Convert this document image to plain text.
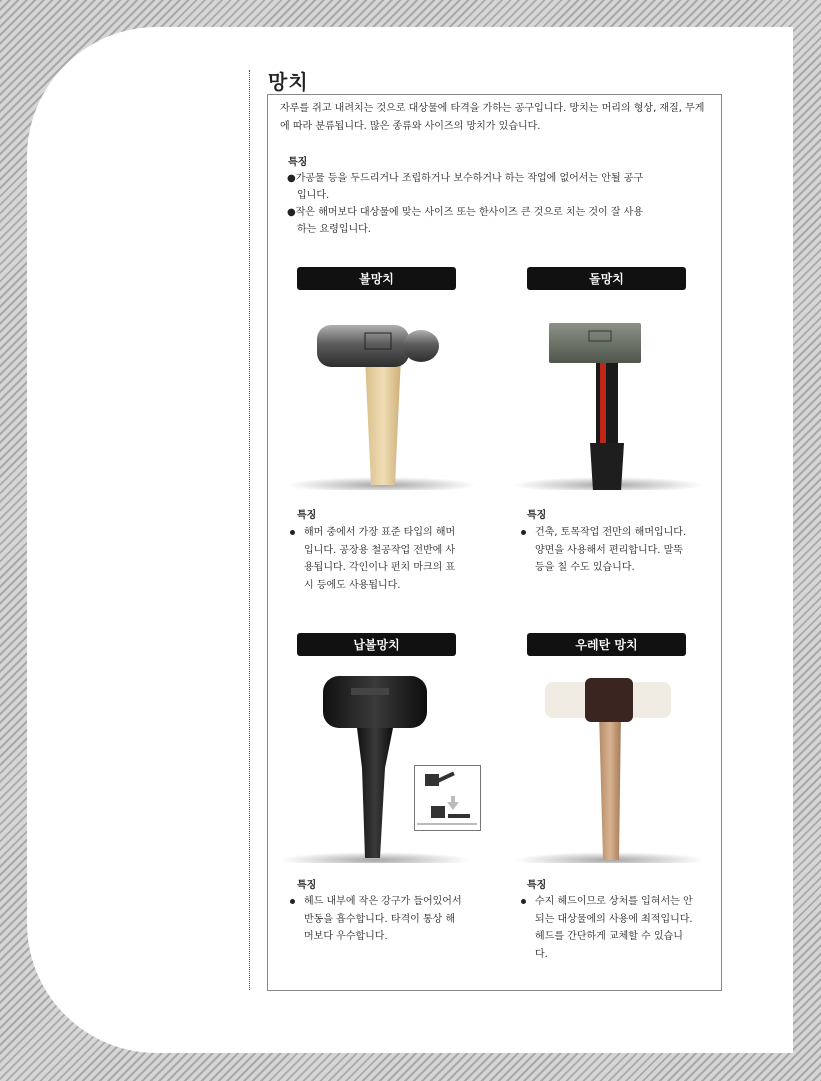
망치

자루를 쥐고 내려치는 것으로 대상물에 타격을 가하는 공구입니다. 망치는 머리의 형상, 재질, 무게에 따라 분류됩니다. 많은 종류와 사이즈의 망치가 있습니다.

특징

●가공물 등을 두드리거나 조립하거나 보수하거나 하는 작업에 없어서는 안될 공구입니다.

●작은 해머보다 대상물에 맞는 사이즈 또는 한사이즈 큰 것으로 치는 것이 잘 사용하는 요령입니다.

볼망치
특징

해머 중에서 가장 표준 타입의 해머입니다. 공장용 철공작업 전반에 사용됩니다. 각인이나 펀치 마크의 표시 등에도 사용됩니다.

돌망치
특징

건축, 토목작업 전만의 해머입니다. 양면을 사용해서 편리합니다. 말뚝 등을 칠 수도 있습니다.

납볼망치
특징

헤드 내부에 작은 강구가 들어있어서 반동을 흡수합니다. 타격이 통상 해머보다 우수합니다.

우레탄 망치
특징

수지 헤드이므로 상처를 입혀서는 안 되는 대상물에의 사용에 최적입니다. 헤드를 간단하게 교체할 수 있습니다.
